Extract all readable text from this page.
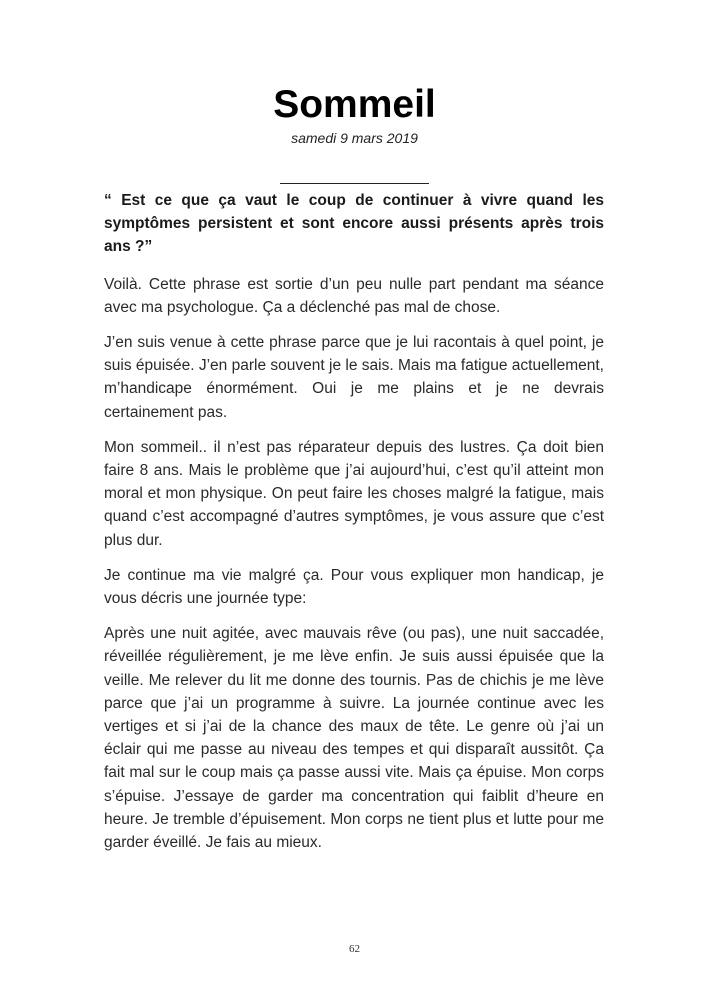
Sommeil
samedi 9 mars 2019

“ Est ce que ça vaut le coup de continuer à vivre quand les symptômes persistent et sont encore aussi présents après trois ans ?”

Voilà. Cette phrase est sortie d’un peu nulle part pendant ma séance avec ma psychologue. Ça a déclenché pas mal de chose.

J’en suis venue à cette phrase parce que je lui racontais à quel point, je suis épuisée. J’en parle souvent je le sais. Mais ma fatigue actuellement, m’handicape énormément. Oui je me plains et je ne devrais certainement pas.

Mon sommeil.. il n’est pas réparateur depuis des lustres. Ça doit bien faire 8 ans. Mais le problème que j’ai aujourd’hui, c’est qu’il atteint mon moral et mon physique. On peut faire les choses malgré la fatigue, mais quand c’est accompagné d’autres symptômes, je vous assure que c’est plus dur.

Je continue ma vie malgré ça. Pour vous expliquer mon handicap, je vous décris une journée type:

Après une nuit agitée, avec mauvais rêve (ou pas), une nuit saccadée, réveillée régulièrement, je me lève enfin. Je suis aussi épuisée que la veille. Me relever du lit me donne des tournis. Pas de chichis je me lève parce que j’ai un programme à suivre. La journée continue avec les vertiges et si j’ai de la chance des maux de tête. Le genre où j’ai un éclair qui me passe au niveau des tempes et qui disparaît aussitôt. Ça fait mal sur le coup mais ça passe aussi vite. Mais ça épuise. Mon corps s’épuise. J’essaye de garder ma concentration qui faiblit d’heure en heure. Je tremble d’épuisement. Mon corps ne tient plus et lutte pour me garder éveillé. Je fais au mieux.

62
